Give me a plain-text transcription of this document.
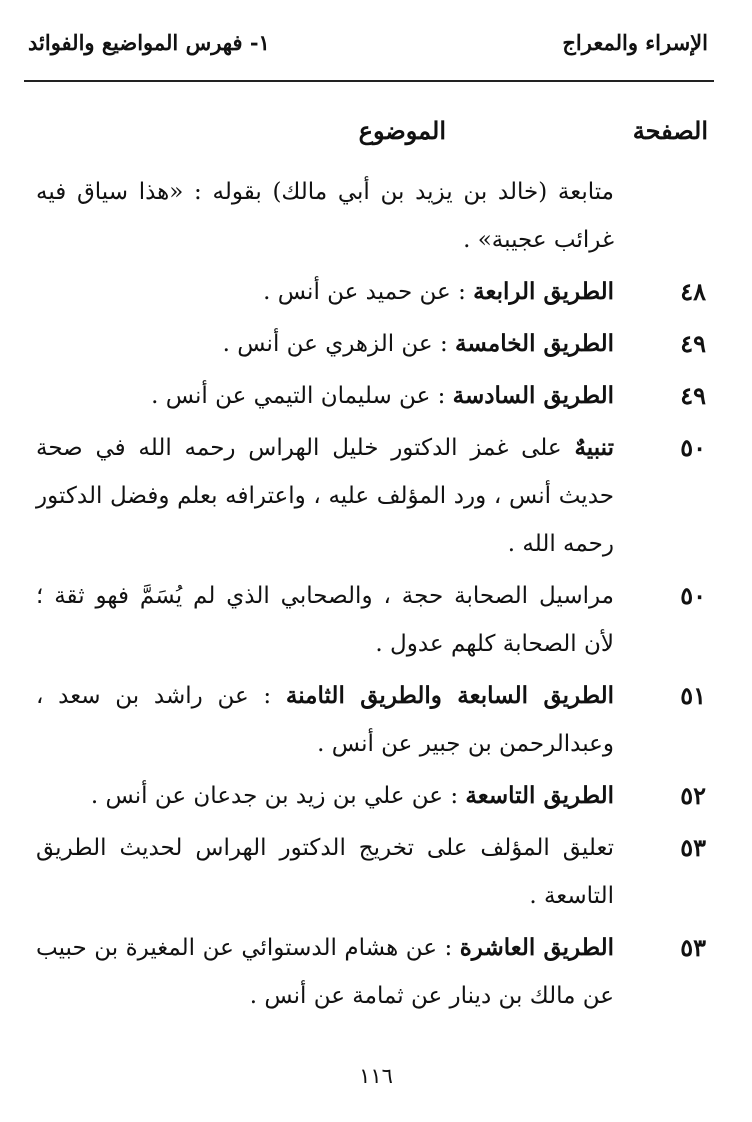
الإسراء والمعراج
١- فهرس المواضيع والفوائد
الصفحة
الموضوع
متابعة (خالد بن يزيد بن أبي مالك) بقوله : «هذا سياق فيه غرائب عجيبة» .
٤٨
الطريق الرابعة : عن حميد عن أنس .
٤٩
الطريق الخامسة : عن الزهري عن أنس .
٤٩
الطريق السادسة : عن سليمان التيمي عن أنس .
٥٠
تنبيهٌ على غمز الدكتور خليل الهراس رحمه الله في صحة حديث أنس ، ورد المؤلف عليه ، واعترافه بعلم وفضل الدكتور رحمه الله .
٥٠
مراسيل الصحابة حجة ، والصحابي الذي لم يُسَمَّ فهو ثقة ؛ لأن الصحابة كلهم عدول .
٥١
الطريق السابعة والطريق الثامنة : عن راشد بن سعد ، وعبدالرحمن بن جبير عن أنس .
٥٢
الطريق التاسعة : عن علي بن زيد بن جدعان عن أنس .
٥٣
تعليق المؤلف على تخريج الدكتور الهراس لحديث الطريق التاسعة .
٥٣
الطريق العاشرة : عن هشام الدستوائي عن المغيرة بن حبيب عن مالك بن دينار عن ثمامة عن أنس .
١١٦
